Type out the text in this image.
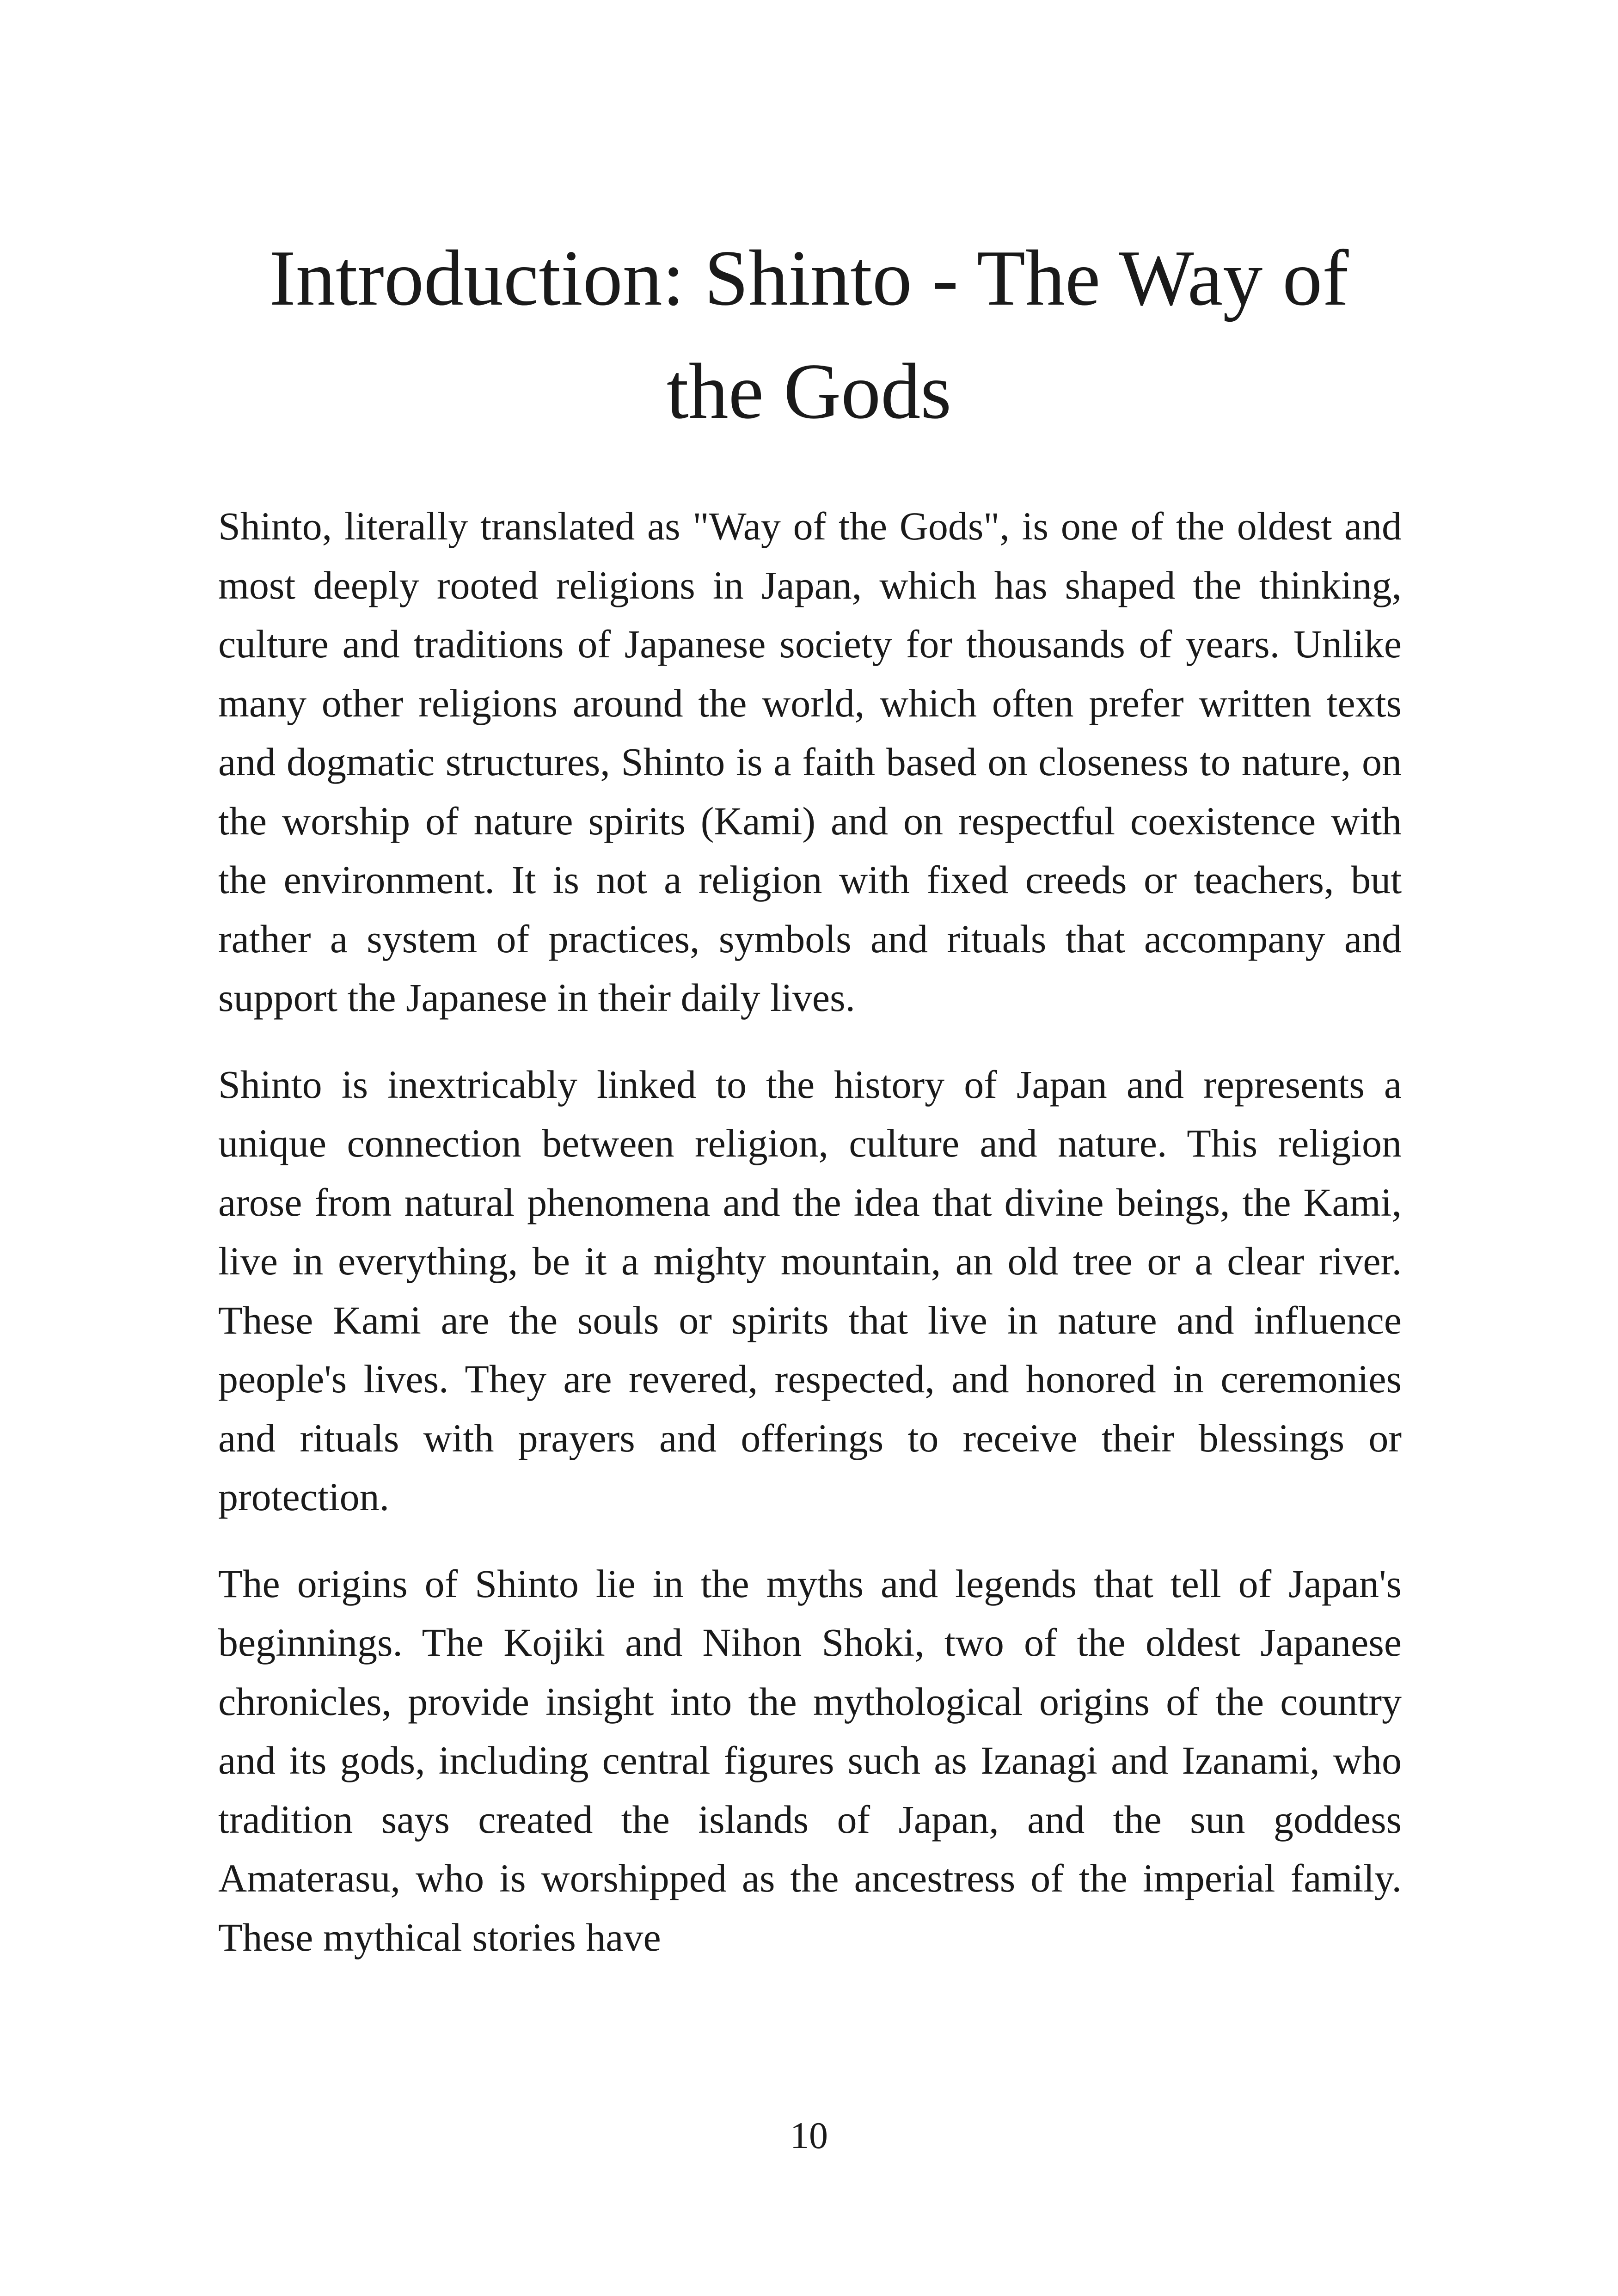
Introduction: Shinto - The Way of the Gods

Shinto, literally translated as "Way of the Gods", is one of the oldest and most deeply rooted religions in Japan, which has shaped the thinking, culture and traditions of Japanese society for thousands of years. Unlike many other religions around the world, which often prefer written texts and dogmatic structures, Shinto is a faith based on closeness to nature, on the worship of nature spirits (Kami) and on respectful coexistence with the environment. It is not a religion with fixed creeds or teachers, but rather a system of practices, symbols and rituals that accompany and support the Japanese in their daily lives.

Shinto is inextricably linked to the history of Japan and represents a unique connection between religion, culture and nature. This religion arose from natural phenomena and the idea that divine beings, the Kami, live in everything, be it a mighty mountain, an old tree or a clear river. These Kami are the souls or spirits that live in nature and influence people's lives. They are revered, respected, and honored in ceremonies and rituals with prayers and offerings to receive their blessings or protection.

The origins of Shinto lie in the myths and legends that tell of Japan's beginnings. The Kojiki and Nihon Shoki, two of the oldest Japanese chronicles, provide insight into the mythological origins of the country and its gods, including central figures such as Izanagi and Izanami, who tradition says created the islands of Japan, and the sun goddess Amaterasu, who is worshipped as the ancestress of the imperial family. These mythical stories have

10
